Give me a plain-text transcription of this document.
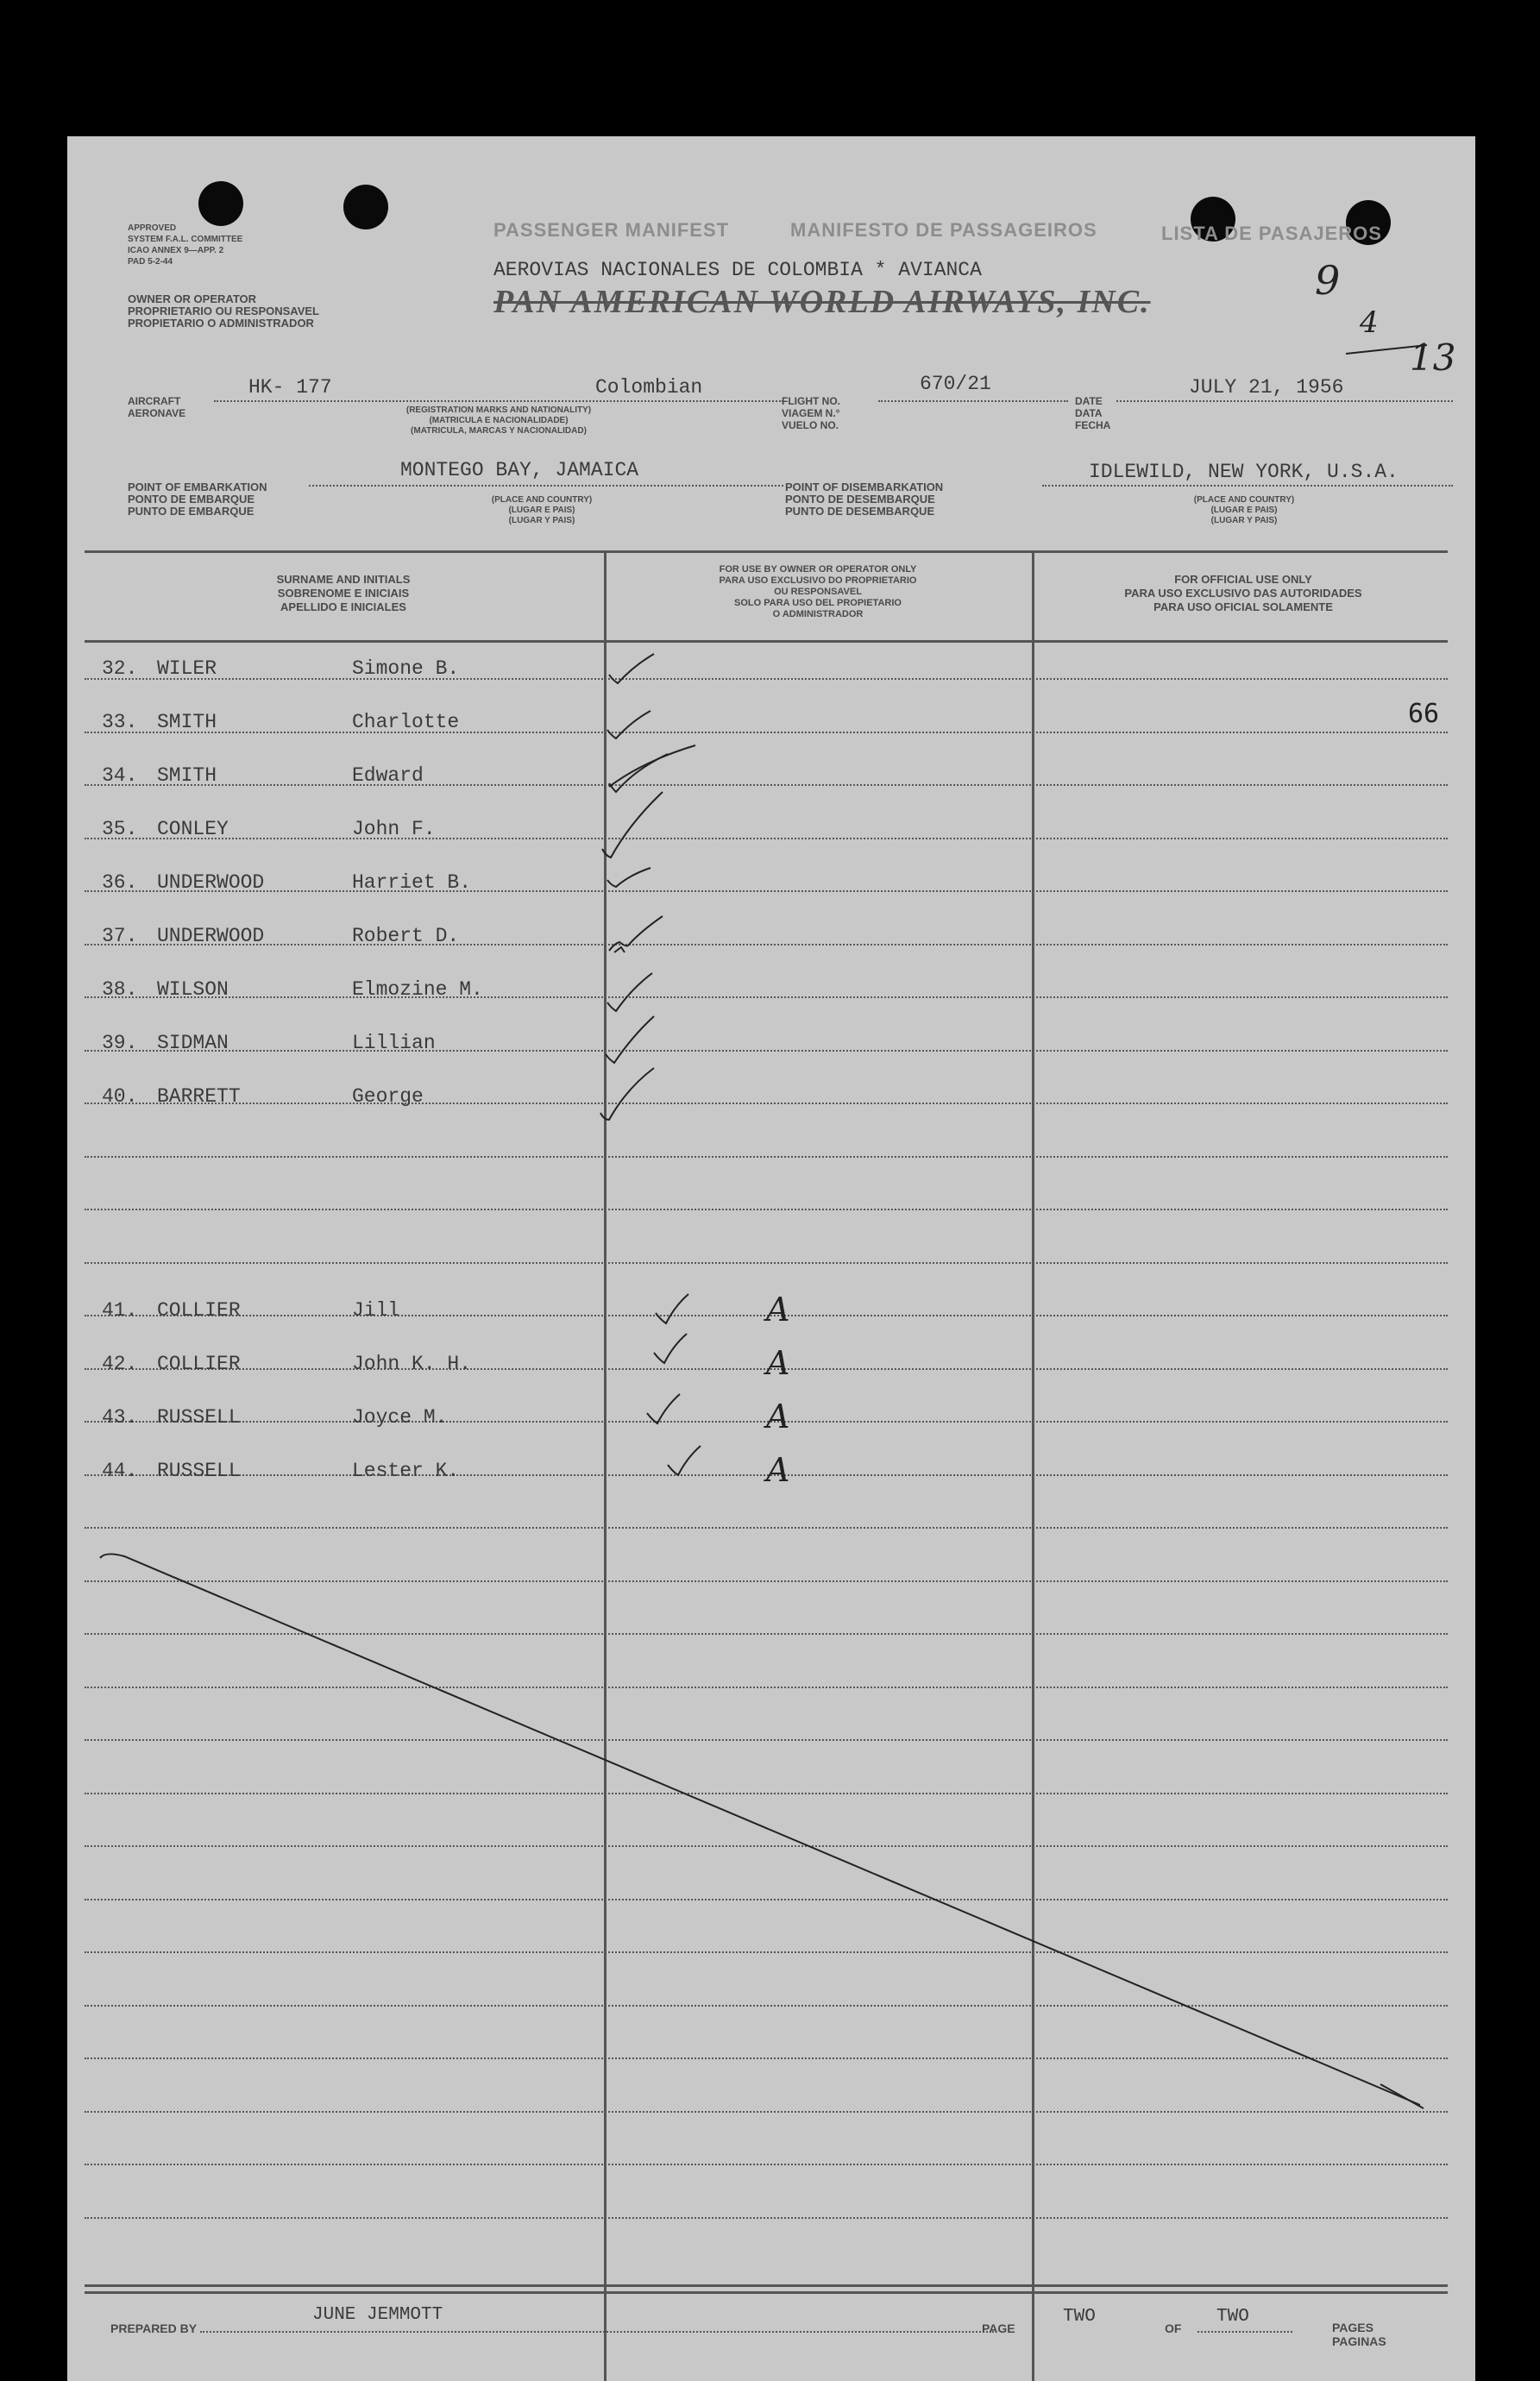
APPROVED
SYSTEM F.A.L. COMMITTEE
ICAO ANNEX 9—APP. 2
PAD 5-2-44
OWNER OR OPERATOR
PROPRIETARIO OU RESPONSAVEL
PROPIETARIO O ADMINISTRADOR
PASSENGER MANIFEST	MANIFESTO DE PASSAGEIROS	LISTA DE PASAJEROS
AEROVIAS NACIONALES DE COLOMBIA * AVIANCA
PAN AMERICAN WORLD AIRWAYS, INC.	9
4
13
AIRCRAFT
AERONAVE
HK- 177	Colombian
(REGISTRATION MARKS AND NATIONALITY)
(MATRICULA E NACIONALIDADE)
(MATRICULA, MARCAS Y NACIONALIDAD)
FLIGHT NO.
VIAGEM N.°
VUELO NO.
670/21
DATE
DATA
FECHA
JULY 21, 1956
POINT OF EMBARKATION
PONTO DE EMBARQUE
PUNTO DE EMBARQUE
MONTEGO BAY, JAMAICA
(PLACE AND COUNTRY)
(LUGAR E PAIS)
(LUGAR Y PAIS)
POINT OF DISEMBARKATION
PONTO DE DESEMBARQUE
PUNTO DE DESEMBARQUE
IDLEWILD, NEW YORK, U.S.A.
(PLACE AND COUNTRY)
(LUGAR E PAIS)
(LUGAR Y PAIS)
SURNAME AND INITIALS
SOBRENOME E INICIAIS
APELLIDO E INICIALES
FOR USE BY OWNER OR OPERATOR ONLY
PARA USO EXCLUSIVO DO PROPRIETARIO
OU RESPONSAVEL
SOLO PARA USO DEL PROPIETARIO
O ADMINISTRADOR
FOR OFFICIAL USE ONLY
PARA USO EXCLUSIVO DAS AUTORIDADES
PARA USO OFICIAL SOLAMENTE
32. WILER	Simone B.
33. SMITH	Charlotte
34. SMITH	Edward
35. CONLEY	John F.
36. UNDERWOOD	Harriet B.
37. UNDERWOOD	Robert D.
38. WILSON	Elmozine M.
39. SIDMAN	Lillian
40. BARRETT	George
41. COLLIER	Jill	A
42. COLLIER	John K. H.	A
43. RUSSELL	Joyce M.	A
44. RUSSELL	Lester K.	A
66
PREPARED BY
JUNE JEMMOTT
PAGE
TWO
OF
TWO
PAGES
PAGINAS
